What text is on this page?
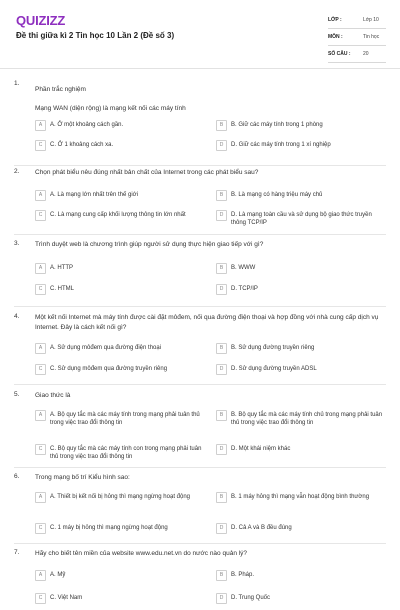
QUIZIZZ
Đề thi giữa kì 2 Tin học 10 Lần 2 (Đề số 3)
LỚP :	Lớp 10
MÔN :	Tin học
SỐ CÂU :	20
1.
Phần trắc nghiệm
Mạng WAN (diện rộng) là mạng kết nối các máy tính
A	A. Ở một khoảng cách gần.	B	B. Giữ các máy tính trong 1 phòng
C	C. Ở 1 khoảng cách xa.	D	D. Giữ các máy tính trong 1 xí nghiệp
2. Chọn phát biểu nêu đúng nhất bản chất của Internet trong các phát biểu sau?
A	A. Là mạng lớn nhất trên thế giới	B	B. Là mạng có hàng triệu máy chủ
C	C. Là mạng cung cấp khối lượng thông tin lớn nhất	D	D. Là mạng toàn cầu và sử dụng bộ giao thức truyền thông TCP/IP
3. Trình duyệt web là chương trình giúp người sử dụng thực hiện giao tiếp với gì?
A	A. HTTP	B	B. WWW
C	C. HTML	D	D. TCP/IP
4. Một kết nối Internet mà máy tính được cài đặt môđem, nối qua đường điện thoại và hợp đồng với nhà cung cấp dịch vụ Internet. Đây là cách kết nối gì?
A	A. Sử dụng môđem qua đường điện thoại	B	B. Sử dụng đường truyền riêng
C	C. Sử dụng môđem qua đường truyền riêng	D	D. Sử dụng đường truyền ADSL
5. Giao thức là
A	A. Bộ quy tắc mà các máy tính trong mạng phải tuân thủ trong việc trao đổi thông tin
B	B. Bộ quy tắc mà các máy tính chủ trong mạng phải tuân thủ trong việc trao đổi thông tin
C	C. Bộ quy tắc mà các máy tính con trong mạng phải tuân thủ trong việc trao đổi thông tin
D	D. Một khái niệm khác
6. Trong mạng bố trí Kiểu hình sao:
A	A. Thiết bị kết nối bị hỏng thì mạng ngừng hoạt động	B	B. 1 máy hỏng thì mạng vẫn hoạt động bình thường
C	C. 1 máy bị hỏng thì mạng ngừng hoạt động	D	D. Cả A và B đều đúng
7. Hãy cho biết tên miền của website www.edu.net.vn do nước nào quản lý?
A	A. Mỹ	B	B. Pháp.
C	C. Việt Nam	D	D. Trung Quốc
